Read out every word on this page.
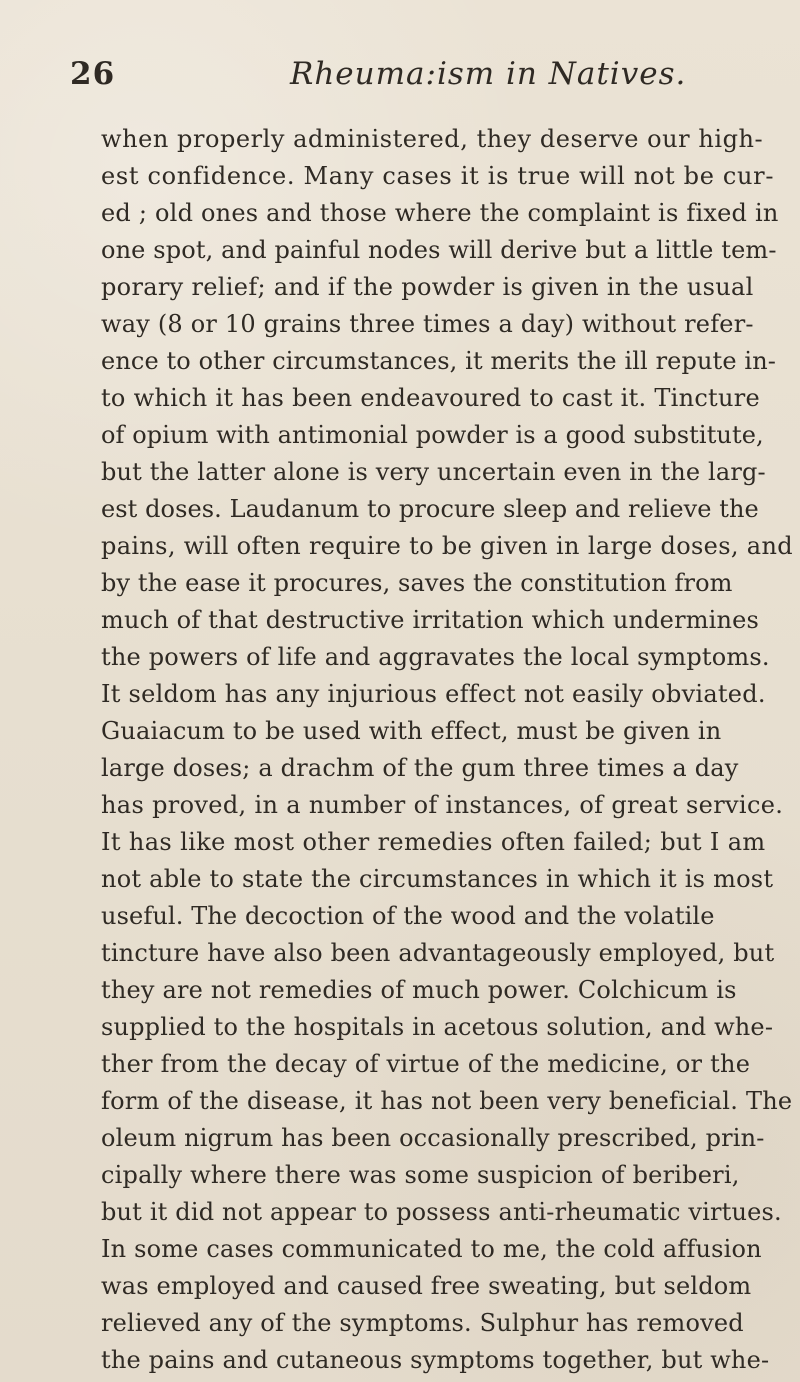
26	Rheuma:ism in Natives.
when properly administered, they deserve our high-
est confidence. Many cases it is true will not be cur-
ed ; old ones and those where the complaint is fixed in
one spot, and painful nodes will derive but a little tem-
porary relief; and if the powder is given in the usual
way (8 or 10 grains three times a day) without refer-
ence to other circumstances, it merits the ill repute in-
to which it has been endeavoured to cast it. Tincture
of opium with antimonial powder is a good substitute,
but the latter alone is very uncertain even in the larg-
est doses. Laudanum to procure sleep and relieve the
pains, will often require to be given in large doses, and
by the ease it procures, saves the constitution from
much of that destructive irritation which undermines
the powers of life and aggravates the local symptoms.
It seldom has any injurious effect not easily obviated.
Guaiacum to be used with effect, must be given in
large doses; a drachm of the gum three times a day
has proved, in a number of instances, of great service.
It has like most other remedies often failed; but I am
not able to state the circumstances in which it is most
useful. The decoction of the wood and the volatile
tincture have also been advantageously employed, but
they are not remedies of much power. Colchicum is
supplied to the hospitals in acetous solution, and whe-
ther from the decay of virtue of the medicine, or the
form of the disease, it has not been very beneficial. The
oleum nigrum has been occasionally prescribed, prin-
cipally where there was some suspicion of beriberi,
but it did not appear to possess anti-rheumatic virtues.
In some cases communicated to me, the cold affusion
was employed and caused free sweating, but seldom
relieved any of the symptoms. Sulphur has removed
the pains and cutaneous symptoms together, but whe-
